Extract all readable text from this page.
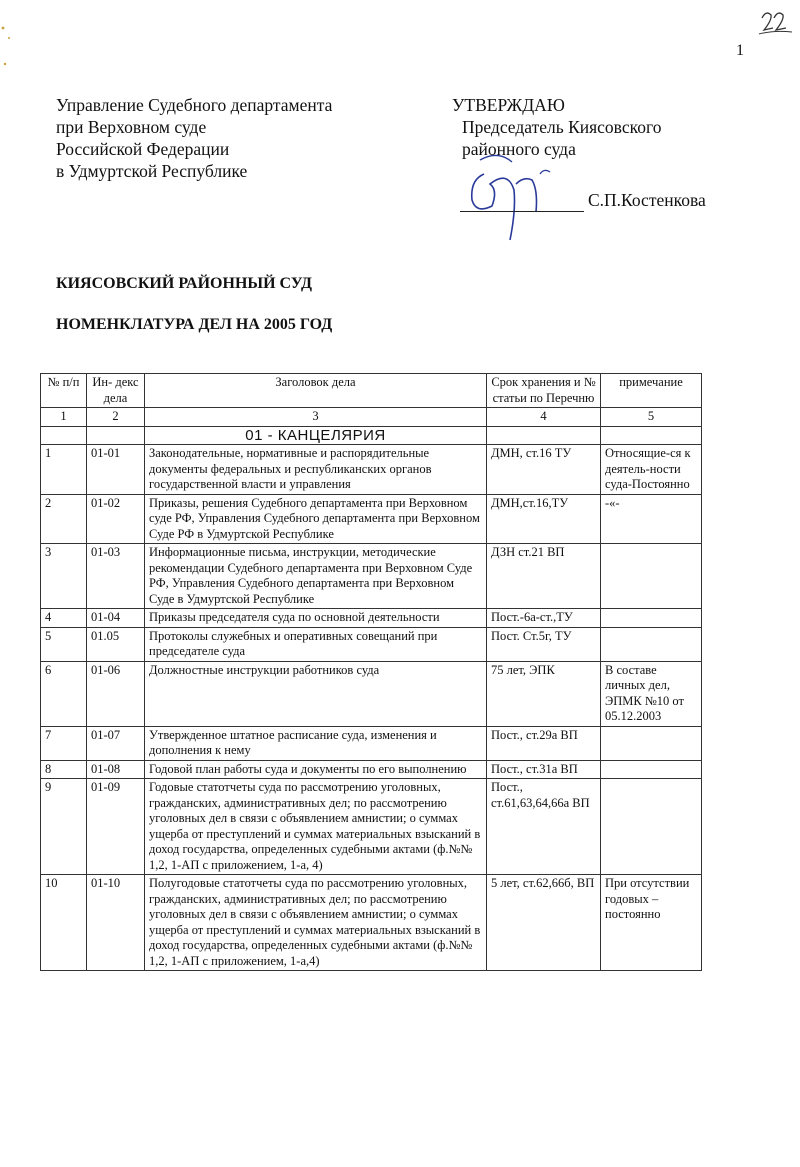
1
Управление Судебного департамента
при Верховном суде
Российской Федерации
в Удмуртской Республике
УТВЕРЖДАЮ
Председатель Киясовского
районного суда
С.П.Костенкова
КИЯСОВСКИЙ РАЙОННЫЙ СУД
НОМЕНКЛАТУРА ДЕЛ НА 2005 ГОД
№ п/п	Ин- декс дела	Заголовок дела	Срок хранения и № статьи по Перечню	примечание
1	2	3	4	5
		01 - КАНЦЕЛЯРИЯ		
1	01-01	Законодательные, нормативные и распорядительные документы федеральных и республиканских органов государственной власти и управления	ДМН, ст.16 ТУ	Относящие-ся к деятель-ности суда-Постоянно
2	01-02	Приказы, решения Судебного департамента при Верховном суде РФ, Управления Судебного департамента при Верховном Суде РФ в Удмуртской Республике	ДМН,ст.16,ТУ	-«-
3	01-03	Информационные письма, инструкции, методические рекомендации Судебного департамента при Верховном Суде РФ, Управления Судебного департамента при Верховном Суде в Удмуртской Республике	ДЗН ст.21 ВП	
4	01-04	Приказы председателя суда по основной деятельности	Пост.-6а-ст.,ТУ	
5	01.05	Протоколы служебных и оперативных совещаний при председателе суда	Пост. Ст.5г, ТУ	
6	01-06	Должностные инструкции работников суда	75 лет, ЭПК	В составе личных дел, ЭПМК №10 от 05.12.2003
7	01-07	Утвержденное штатное расписание суда, изменения и дополнения к нему	Пост., ст.29а ВП	
8	01-08	Годовой план работы суда и документы по его выполнению	Пост., ст.31а ВП	
9	01-09	Годовые статотчеты суда по рассмотрению уголовных, гражданских, административных дел; по рассмотрению уголовных дел в связи с объявлением амнистии; о суммах ущерба от преступлений и суммах материальных взысканий в доход государства, определенных судебными актами (ф.№№ 1,2, 1-АП с приложением, 1-а, 4)	Пост., ст.61,63,64,66а ВП	
10	01-10	Полугодовые статотчеты суда по рассмотрению уголовных, гражданских, административных дел; по рассмотрению уголовных дел в связи с объявлением амнистии; о суммах ущерба от преступлений и суммах материальных взысканий в доход государства, определенных судебными актами (ф.№№ 1,2, 1-АП с приложением, 1-а,4)	5 лет, ст.62,66б, ВП	При отсутствии годовых – постоянно
